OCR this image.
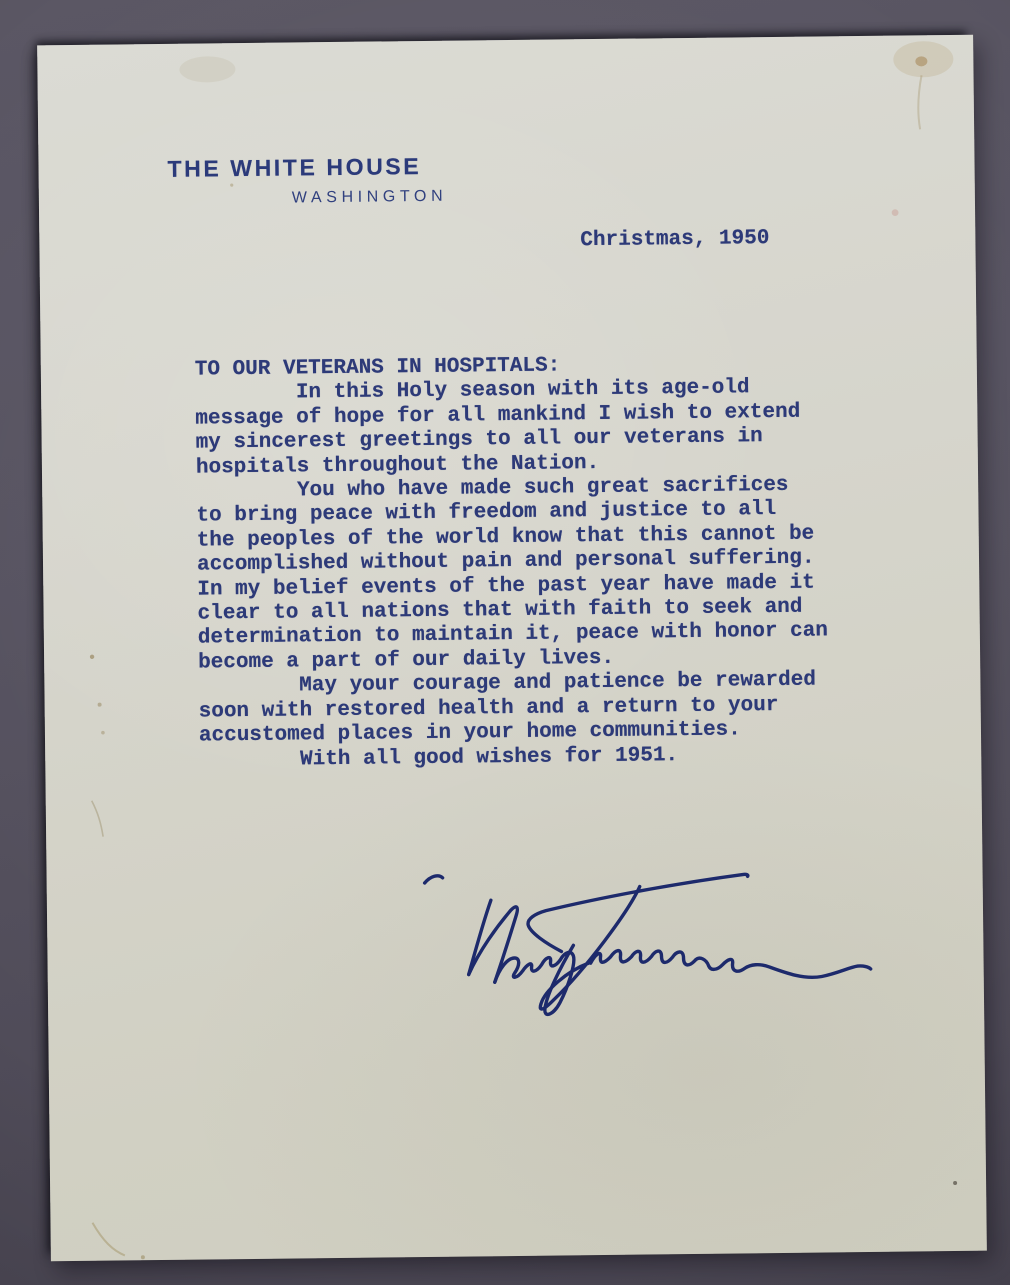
THE WHITE HOUSE
WASHINGTON
Christmas, 1950
TO OUR VETERANS IN HOSPITALS:

In this Holy season with its age-old
message of hope for all mankind I wish to extend
my sincerest greetings to all our veterans in
hospitals throughout the Nation.

You who have made such great sacrifices
to bring peace with freedom and justice to all
the peoples of the world know that this cannot be
accomplished without pain and personal suffering.
In my belief events of the past year have made it
clear to all nations that with faith to seek and
determination to maintain it, peace with honor can
become a part of our daily lives.

May your courage and patience be rewarded
soon with restored health and a return to your
accustomed places in your home communities.

With all good wishes for 1951.
